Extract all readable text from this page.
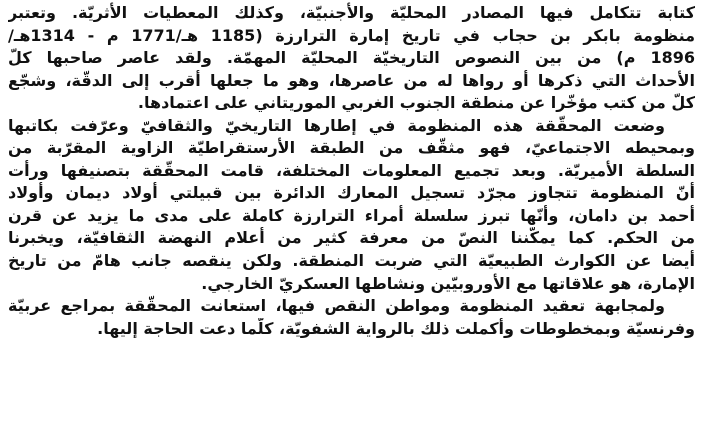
كتابة تتكامل فيها المصادر المحليّة والأجنبيّة، وكذلك المعطيات الأثريّة. وتعتبر
منظومة بابكر بن حجاب في تاريخ إمارة الترارزة (1185 هـ/1771 م - 1314هـ/
1896 م) من بين النصوص التاريخيّة المحليّة المهمّة. ولقد عاصر صاحبها كلّ
الأحداث التي ذكرها أو رواها له من عاصرها، وهو ما جعلها أقرب إلى الدقّة، وشجّع
كلّ من كتب مؤخّرا عن منطقة الجنوب الغربي الموريتاني على اعتمادها.
وضعت المحقّقة هذه المنظومة في إطارها التاريخيّ والثقافيّ وعرّفت بكاتبها
وبمحيطه الاجتماعيّ، فهو مثقّف من الطبقة الأرستقراطيّة الزاوية المقرّبة من
السلطة الأميريّة. وبعد تجميع المعلومات المختلفة، قامت المحقّقة بتصنيفها ورأت
أنّ المنظومة تتجاوز مجرّد تسجيل المعارك الدائرة بين قبيلتي أولاد ديمان وأولاد
أحمد بن دامان، وأنّها تبرز سلسلة أمراء الترارزة كاملة على مدى ما يزيد عن قرن
من الحكم. كما يمكّننا النصّ من معرفة كثير من أعلام النهضة الثقافيّة، ويخبرنا
أيضا عن الكوارث الطبيعيّة التي ضربت المنطقة. ولكن ينقصه جانب هامّ من تاريخ
الإمارة، هو علاقاتها مع الأوروبيّين ونشاطها العسكريّ الخارجي.
ولمجابهة تعقيد المنظومة ومواطن النقص فيها، استعانت المحقّقة بمراجع عربيّة
وفرنسيّة وبمخطوطات وأكملت ذلك بالرواية الشفويّة، كلّما دعت الحاجة إليها.
